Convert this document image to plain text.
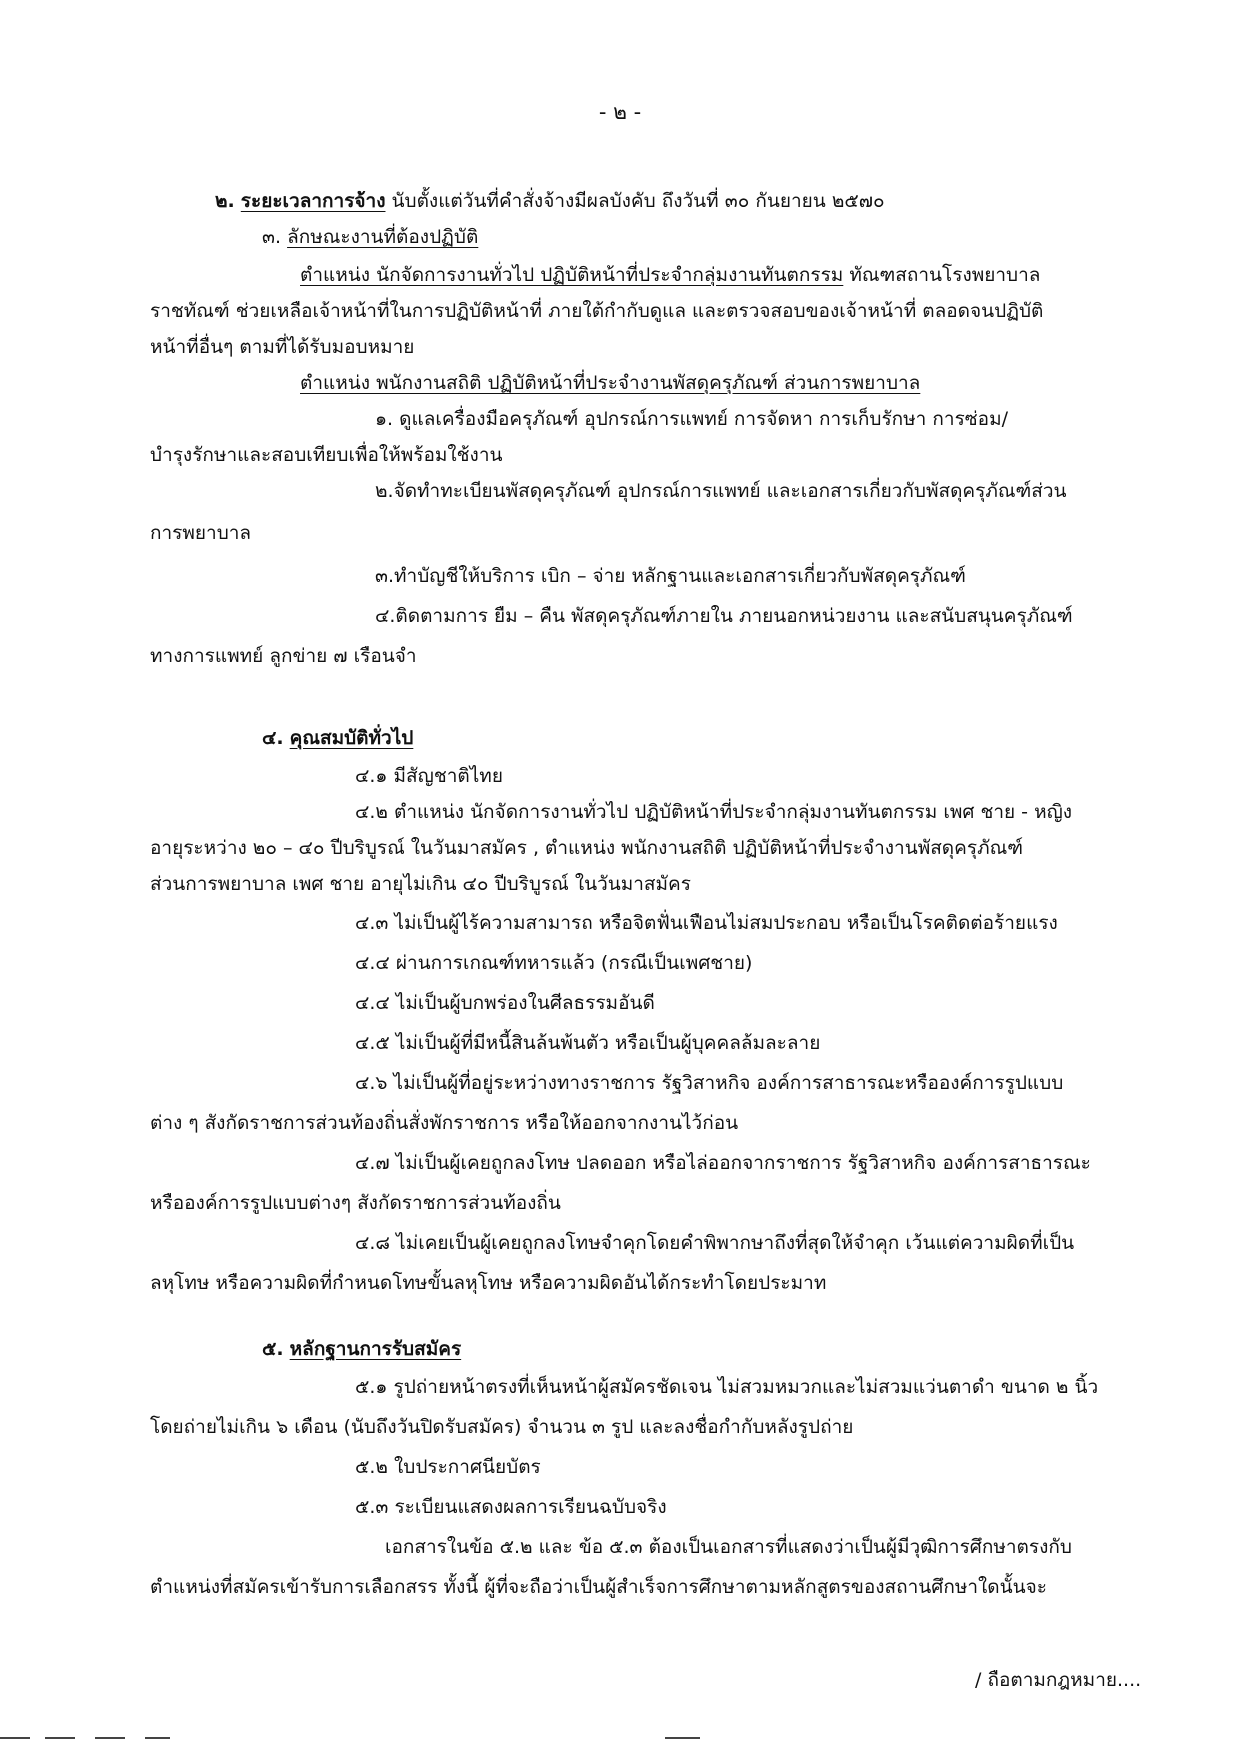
- ๒ -
๒. ระยะเวลาการจ้าง นับตั้งแต่วันที่คำสั่งจ้างมีผลบังคับ ถึงวันที่ ๓๐ กันยายน ๒๕๗๐
๓. ลักษณะงานที่ต้องปฏิบัติ
ตำแหน่ง นักจัดการงานทั่วไป ปฏิบัติหน้าที่ประจำกลุ่มงานทันตกรรม ทัณฑสถานโรงพยาบาล
ราชทัณฑ์ ช่วยเหลือเจ้าหน้าที่ในการปฏิบัติหน้าที่ ภายใต้กำกับดูแล และตรวจสอบของเจ้าหน้าที่ ตลอดจนปฏิบัติ
หน้าที่อื่นๆ ตามที่ได้รับมอบหมาย
ตำแหน่ง พนักงานสถิติ ปฏิบัติหน้าที่ประจำงานพัสดุครุภัณฑ์ ส่วนการพยาบาล
๑. ดูแลเครื่องมือครุภัณฑ์ อุปกรณ์การแพทย์ การจัดหา การเก็บรักษา การซ่อม/
บำรุงรักษาและสอบเทียบเพื่อให้พร้อมใช้งาน
๒.จัดทำทะเบียนพัสดุครุภัณฑ์ อุปกรณ์การแพทย์ และเอกสารเกี่ยวกับพัสดุครุภัณฑ์ส่วน
การพยาบาล
๓.ทำบัญชีให้บริการ เบิก – จ่าย หลักฐานและเอกสารเกี่ยวกับพัสดุครุภัณฑ์
๔.ติดตามการ ยืม – คืน พัสดุครุภัณฑ์ภายใน ภายนอกหน่วยงาน และสนับสนุนครุภัณฑ์
ทางการแพทย์ ลูกข่าย ๗ เรือนจำ
๔. คุณสมบัติทั่วไป
๔.๑ มีสัญชาติไทย
๔.๒ ตำแหน่ง นักจัดการงานทั่วไป ปฏิบัติหน้าที่ประจำกลุ่มงานทันตกรรม เพศ ชาย - หญิง
อายุระหว่าง ๒๐ – ๔๐ ปีบริบูรณ์ ในวันมาสมัคร , ตำแหน่ง พนักงานสถิติ ปฏิบัติหน้าที่ประจำงานพัสดุครุภัณฑ์
ส่วนการพยาบาล เพศ ชาย อายุไม่เกิน ๔๐ ปีบริบูรณ์ ในวันมาสมัคร
๔.๓ ไม่เป็นผู้ไร้ความสามารถ หรือจิตฟั่นเฟือนไม่สมประกอบ หรือเป็นโรคติดต่อร้ายแรง
๔.๔ ผ่านการเกณฑ์ทหารแล้ว (กรณีเป็นเพศชาย)
๔.๔ ไม่เป็นผู้บกพร่องในศีลธรรมอันดี
๔.๕ ไม่เป็นผู้ที่มีหนี้สินล้นพ้นตัว หรือเป็นผู้บุคคลล้มละลาย
๔.๖ ไม่เป็นผู้ที่อยู่ระหว่างทางราชการ รัฐวิสาหกิจ องค์การสาธารณะหรือองค์การรูปแบบ
ต่าง ๆ สังกัดราชการส่วนท้องถิ่นสั่งพักราชการ หรือให้ออกจากงานไว้ก่อน
๔.๗ ไม่เป็นผู้เคยถูกลงโทษ ปลดออก หรือไล่ออกจากราชการ รัฐวิสาหกิจ องค์การสาธารณะ
หรือองค์การรูปแบบต่างๆ สังกัดราชการส่วนท้องถิ่น
๔.๘ ไม่เคยเป็นผู้เคยถูกลงโทษจำคุกโดยคำพิพากษาถึงที่สุดให้จำคุก เว้นแต่ความผิดที่เป็น
ลหุโทษ หรือความผิดที่กำหนดโทษขั้นลหุโทษ หรือความผิดอันได้กระทำโดยประมาท
๕. หลักฐานการรับสมัคร
๕.๑ รูปถ่ายหน้าตรงที่เห็นหน้าผู้สมัครชัดเจน ไม่สวมหมวกและไม่สวมแว่นตาดำ ขนาด ๒ นิ้ว
โดยถ่ายไม่เกิน ๖ เดือน (นับถึงวันปิดรับสมัคร) จำนวน ๓ รูป และลงชื่อกำกับหลังรูปถ่าย
๕.๒ ใบประกาศนียบัตร
๕.๓ ระเบียนแสดงผลการเรียนฉบับจริง
เอกสารในข้อ ๕.๒ และ ข้อ ๕.๓ ต้องเป็นเอกสารที่แสดงว่าเป็นผู้มีวุฒิการศึกษาตรงกับ
ตำแหน่งที่สมัครเข้ารับการเลือกสรร ทั้งนี้ ผู้ที่จะถือว่าเป็นผู้สำเร็จการศึกษาตามหลักสูตรของสถานศึกษาใดนั้นจะ
/ ถือตามกฎหมาย....
